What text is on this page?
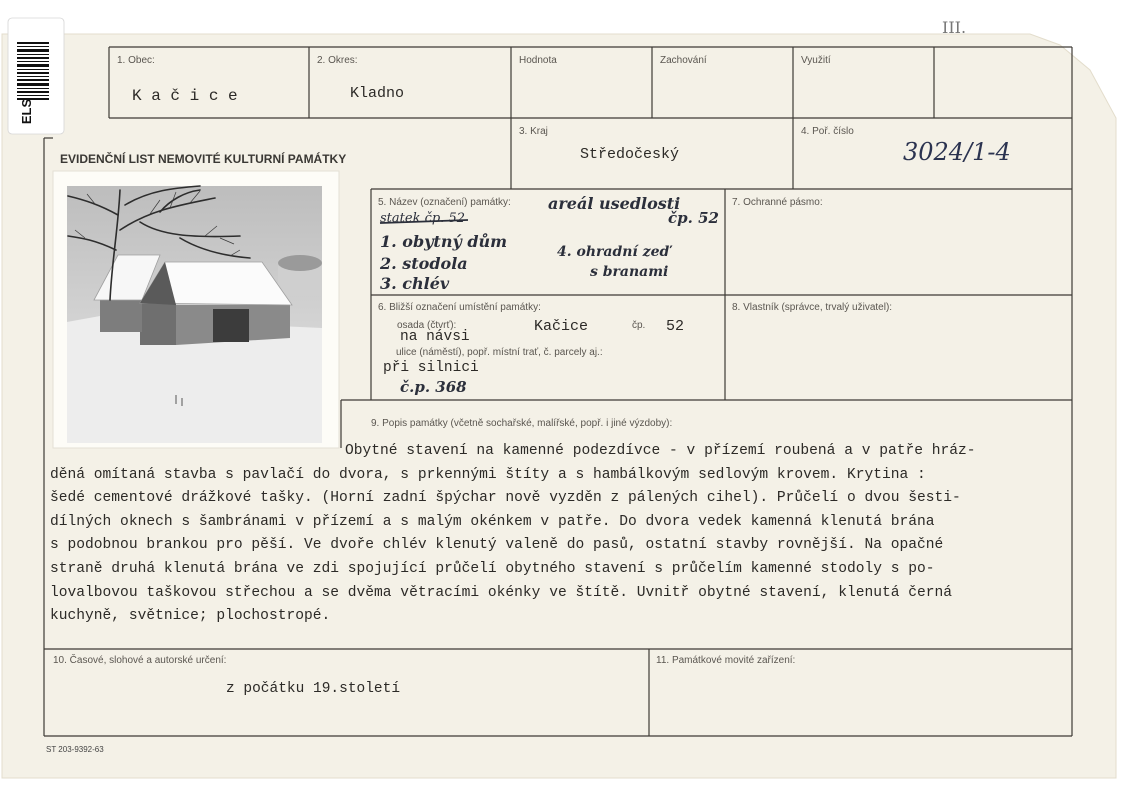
ELS
III.
EVIDENČNÍ LIST NEMOVITÉ KULTURNÍ PAMÁTKY
1. Obec:
K a č i c e
2. Okres:
Kladno
Hodnota	Zachování	Využití
3. Kraj
Středočeský
4. Poř. číslo
3024/1-4
5. Název (označení) památky:
statek čp. 52
areál usedlosti
čp. 52
1. obytný dům
2. stodola
3. chlév
4. ohradní zeď
s branami
7. Ochranné pásmo:
6. Bližší označení umístění památky:
osada (čtvrť):	Kačice	čp. 52
na návsi
ulice (náměstí), popř. místní trať, č. parcely aj.:
při silnici
č.p. 368
8. Vlastník (správce, trvalý uživatel):
9. Popis památky (včetně sochařské, malířské, popř. i jiné výzdoby):
Obytné stavení na kamenné podezdívce - v přízemí roubená a v patře hráz-
děná omítaná stavba s pavlačí do dvora, s prkennými štíty a s hambálkovým sedlovým krovem. Krytina :
šedé cementové drážkové tašky. (Horní zadní špýchar nově vyzděn z pálených cihel). Průčelí o dvou šesti-
dílných oknech s šambránami v přízemí a s malým okénkem v patře. Do dvora vedek kamenná klenutá brána
s podobnou brankou pro pěší. Ve dvoře chlév klenutý valeně do pasů, ostatní stavby rovnější. Na opačné
straně druhá klenutá brána ve zdi spojující průčelí obytného stavení s průčelím kamenné stodoly s po-
lovalbovou taškovou střechou a se dvěma větracími okénky ve štítě. Uvnitř obytné stavení, klenutá černá
kuchyně, světnice; plochostropé.
10. Časové, slohové a autorské určení:
z počátku 19.století
11. Památkové movité zařízení:
ST 203-9392-63
